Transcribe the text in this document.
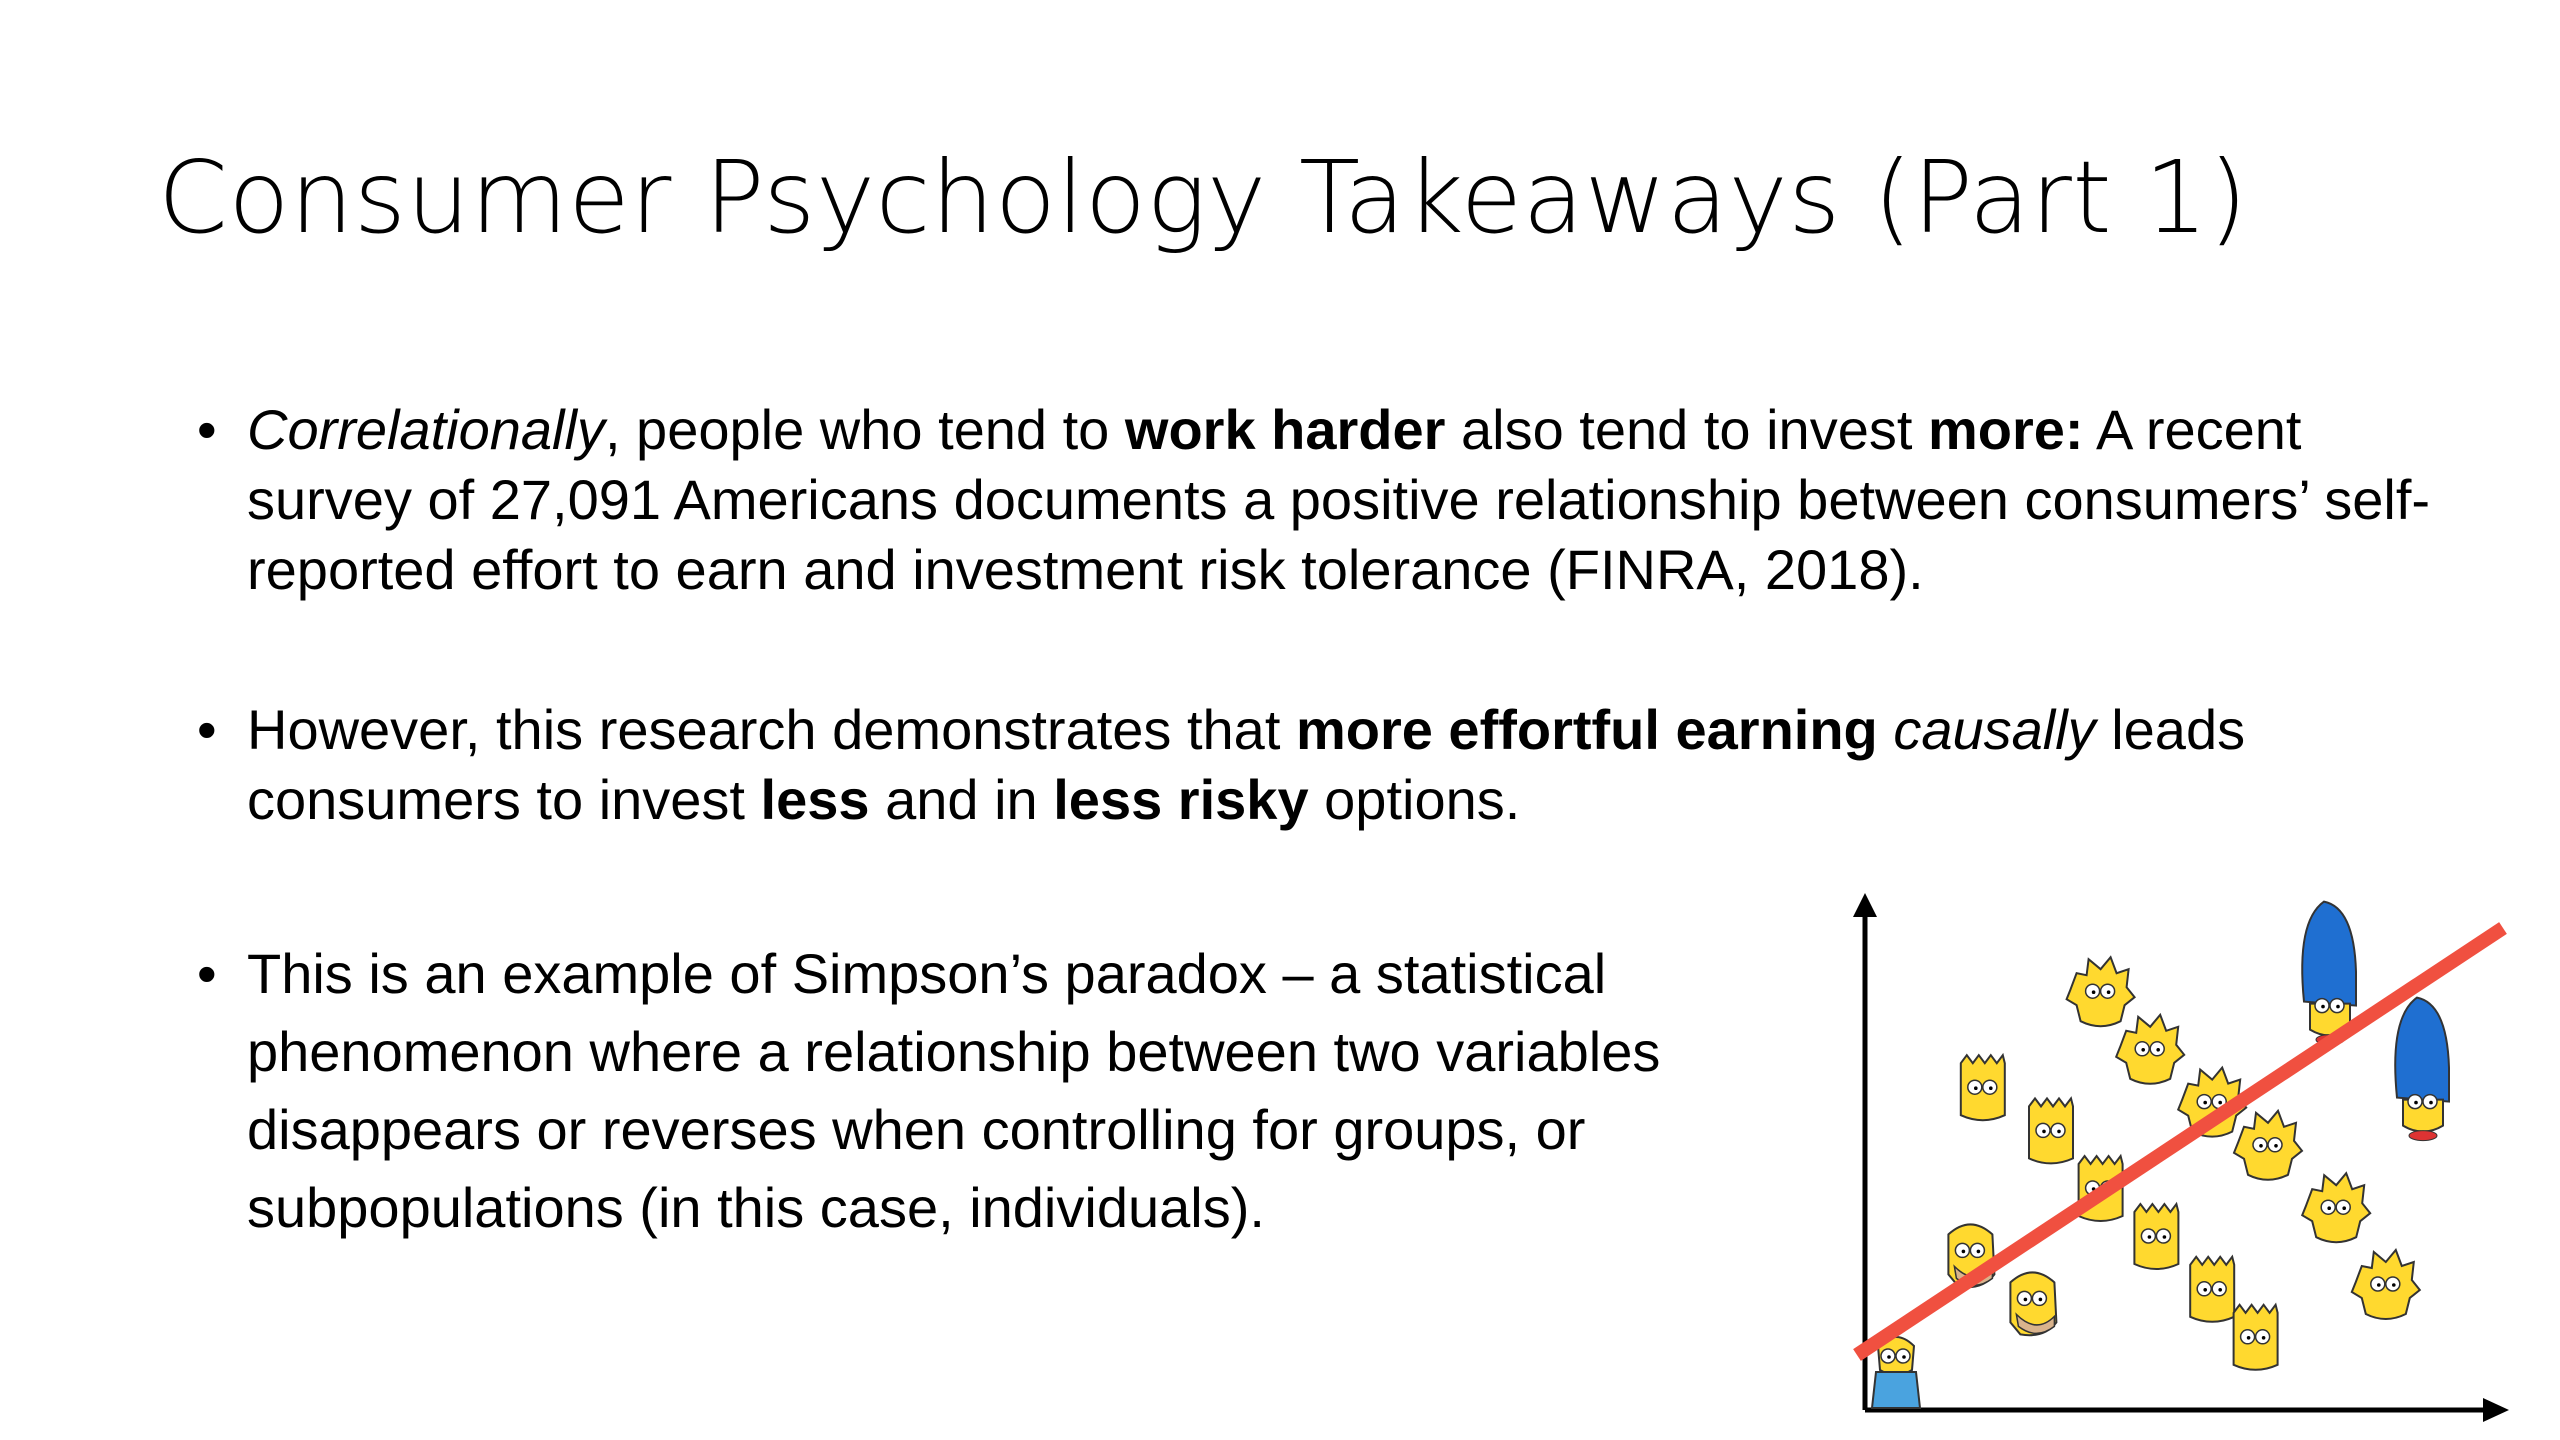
Consumer Psychology Takeaways (Part 1)
• Correlationally, people who tend to work harder also tend to invest more: A recent survey of 27,091 Americans documents a positive relationship between consumers’ self-reported effort to earn and investment risk tolerance (FINRA, 2018).
• However, this research demonstrates that more effortful earning causally leads consumers to invest less and in less risky options.
• This is an example of Simpson’s paradox – a statistical phenomenon where a relationship between two variables disappears or reverses when controlling for groups, or subpopulations (in this case, individuals).
